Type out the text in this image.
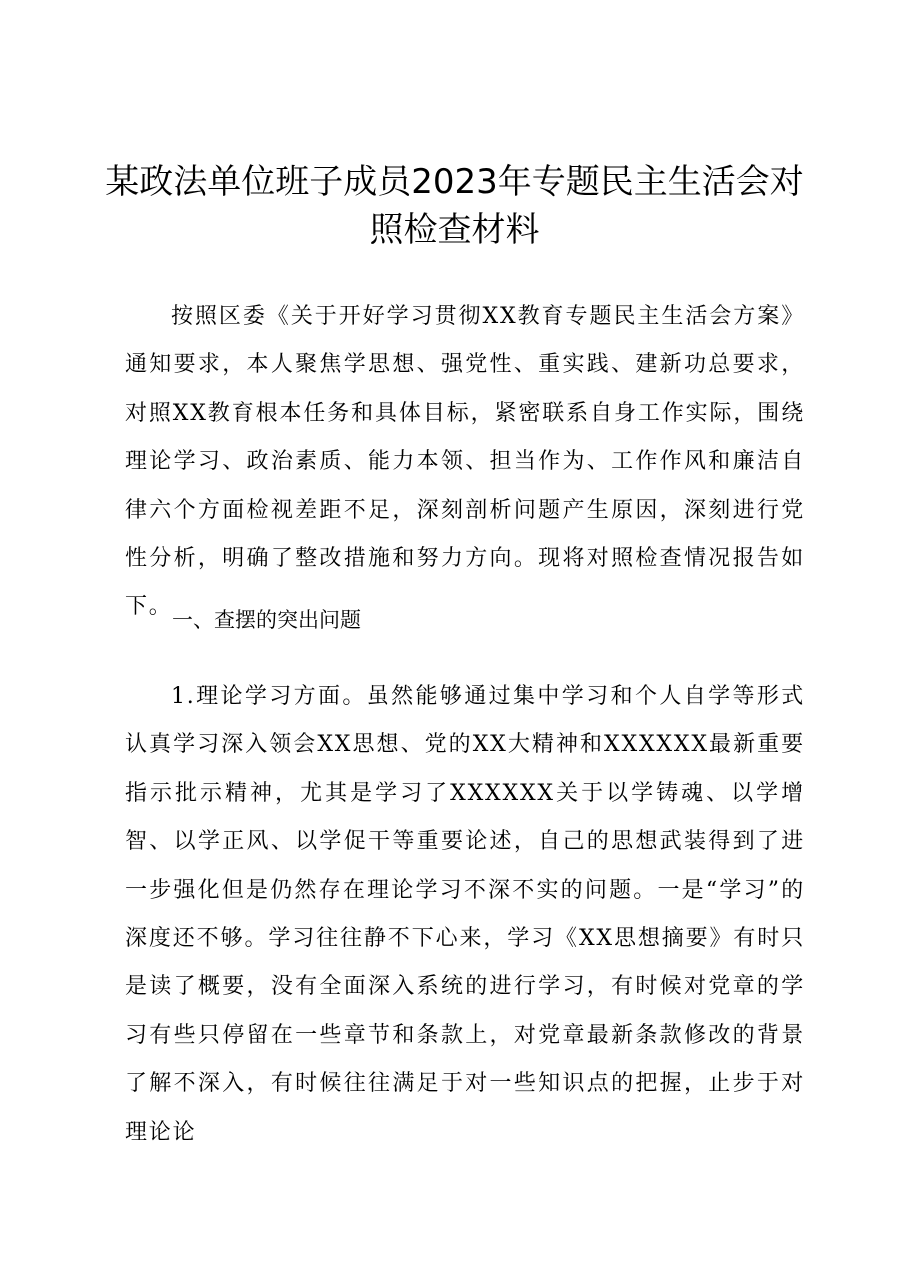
某政法单位班子成员2023年专题民主生活会对照检查材料
按照区委《关于开好学习贯彻XX教育专题民主生活会方案》通知要求，本人聚焦学思想、强党性、重实践、建新功总要求，对照XX教育根本任务和具体目标，紧密联系自身工作实际，围绕理论学习、政治素质、能力本领、担当作为、工作作风和廉洁自律六个方面检视差距不足，深刻剖析问题产生原因，深刻进行党性分析，明确了整改措施和努力方向。现将对照检查情况报告如下。
一、查摆的突出问题
1.理论学习方面。虽然能够通过集中学习和个人自学等形式认真学习深入领会XX思想、党的XX大精神和XXXXXX最新重要指示批示精神，尤其是学习了XXXXXX关于以学铸魂、以学增智、以学正风、以学促干等重要论述，自己的思想武装得到了进一步强化但是仍然存在理论学习不深不实的问题。一是“学习”的深度还不够。学习往往静不下心来，学习《XX思想摘要》有时只是读了概要，没有全面深入系统的进行学习，有时候对党章的学习有些只停留在一些章节和条款上，对党章最新条款修改的背景了解不深入，有时候往往满足于对一些知识点的把握，止步于对理论论
